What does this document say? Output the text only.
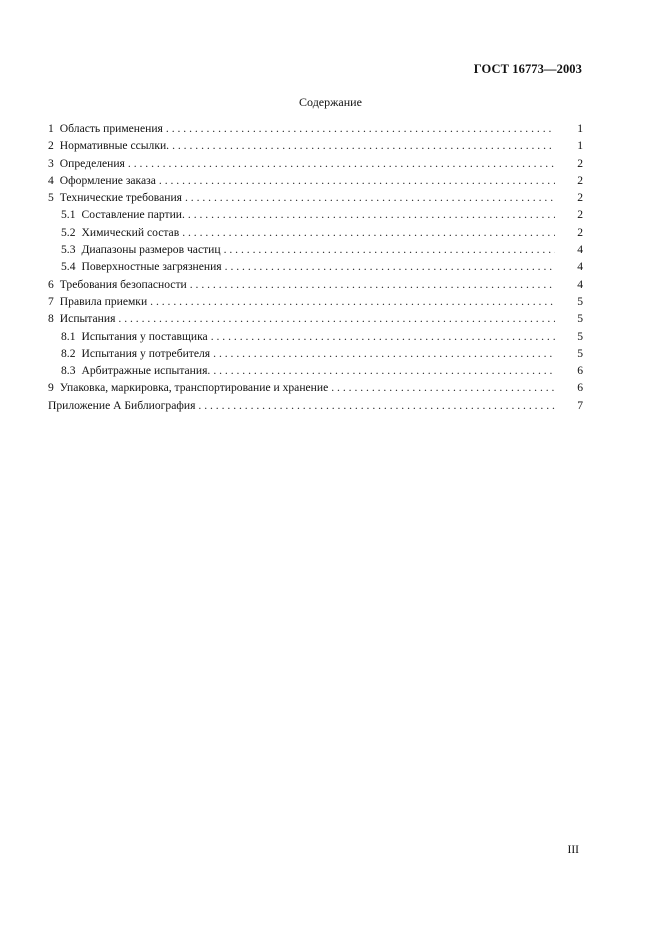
ГОСТ 16773—2003
Содержание
1 Область применения . . .	1
2 Нормативные ссылки. . . .	1
3 Определения . . .	2
4 Оформление заказа . . .	2
5 Технические требования . . .	2
5.1 Составление партии. . . .	2
5.2 Химический состав . . .	2
5.3 Диапазоны размеров частиц . . .	4
5.4 Поверхностные загрязнения . . .	4
6 Требования безопасности . . .	4
7 Правила приемки . . .	5
8 Испытания . . .	5
8.1 Испытания у поставщика . . .	5
8.2 Испытания у потребителя . . .	5
8.3 Арбитражные испытания. . . .	6
9 Упаковка, маркировка, транспортирование и хранение . . .	6
Приложение А Библиография . . .	7
III
